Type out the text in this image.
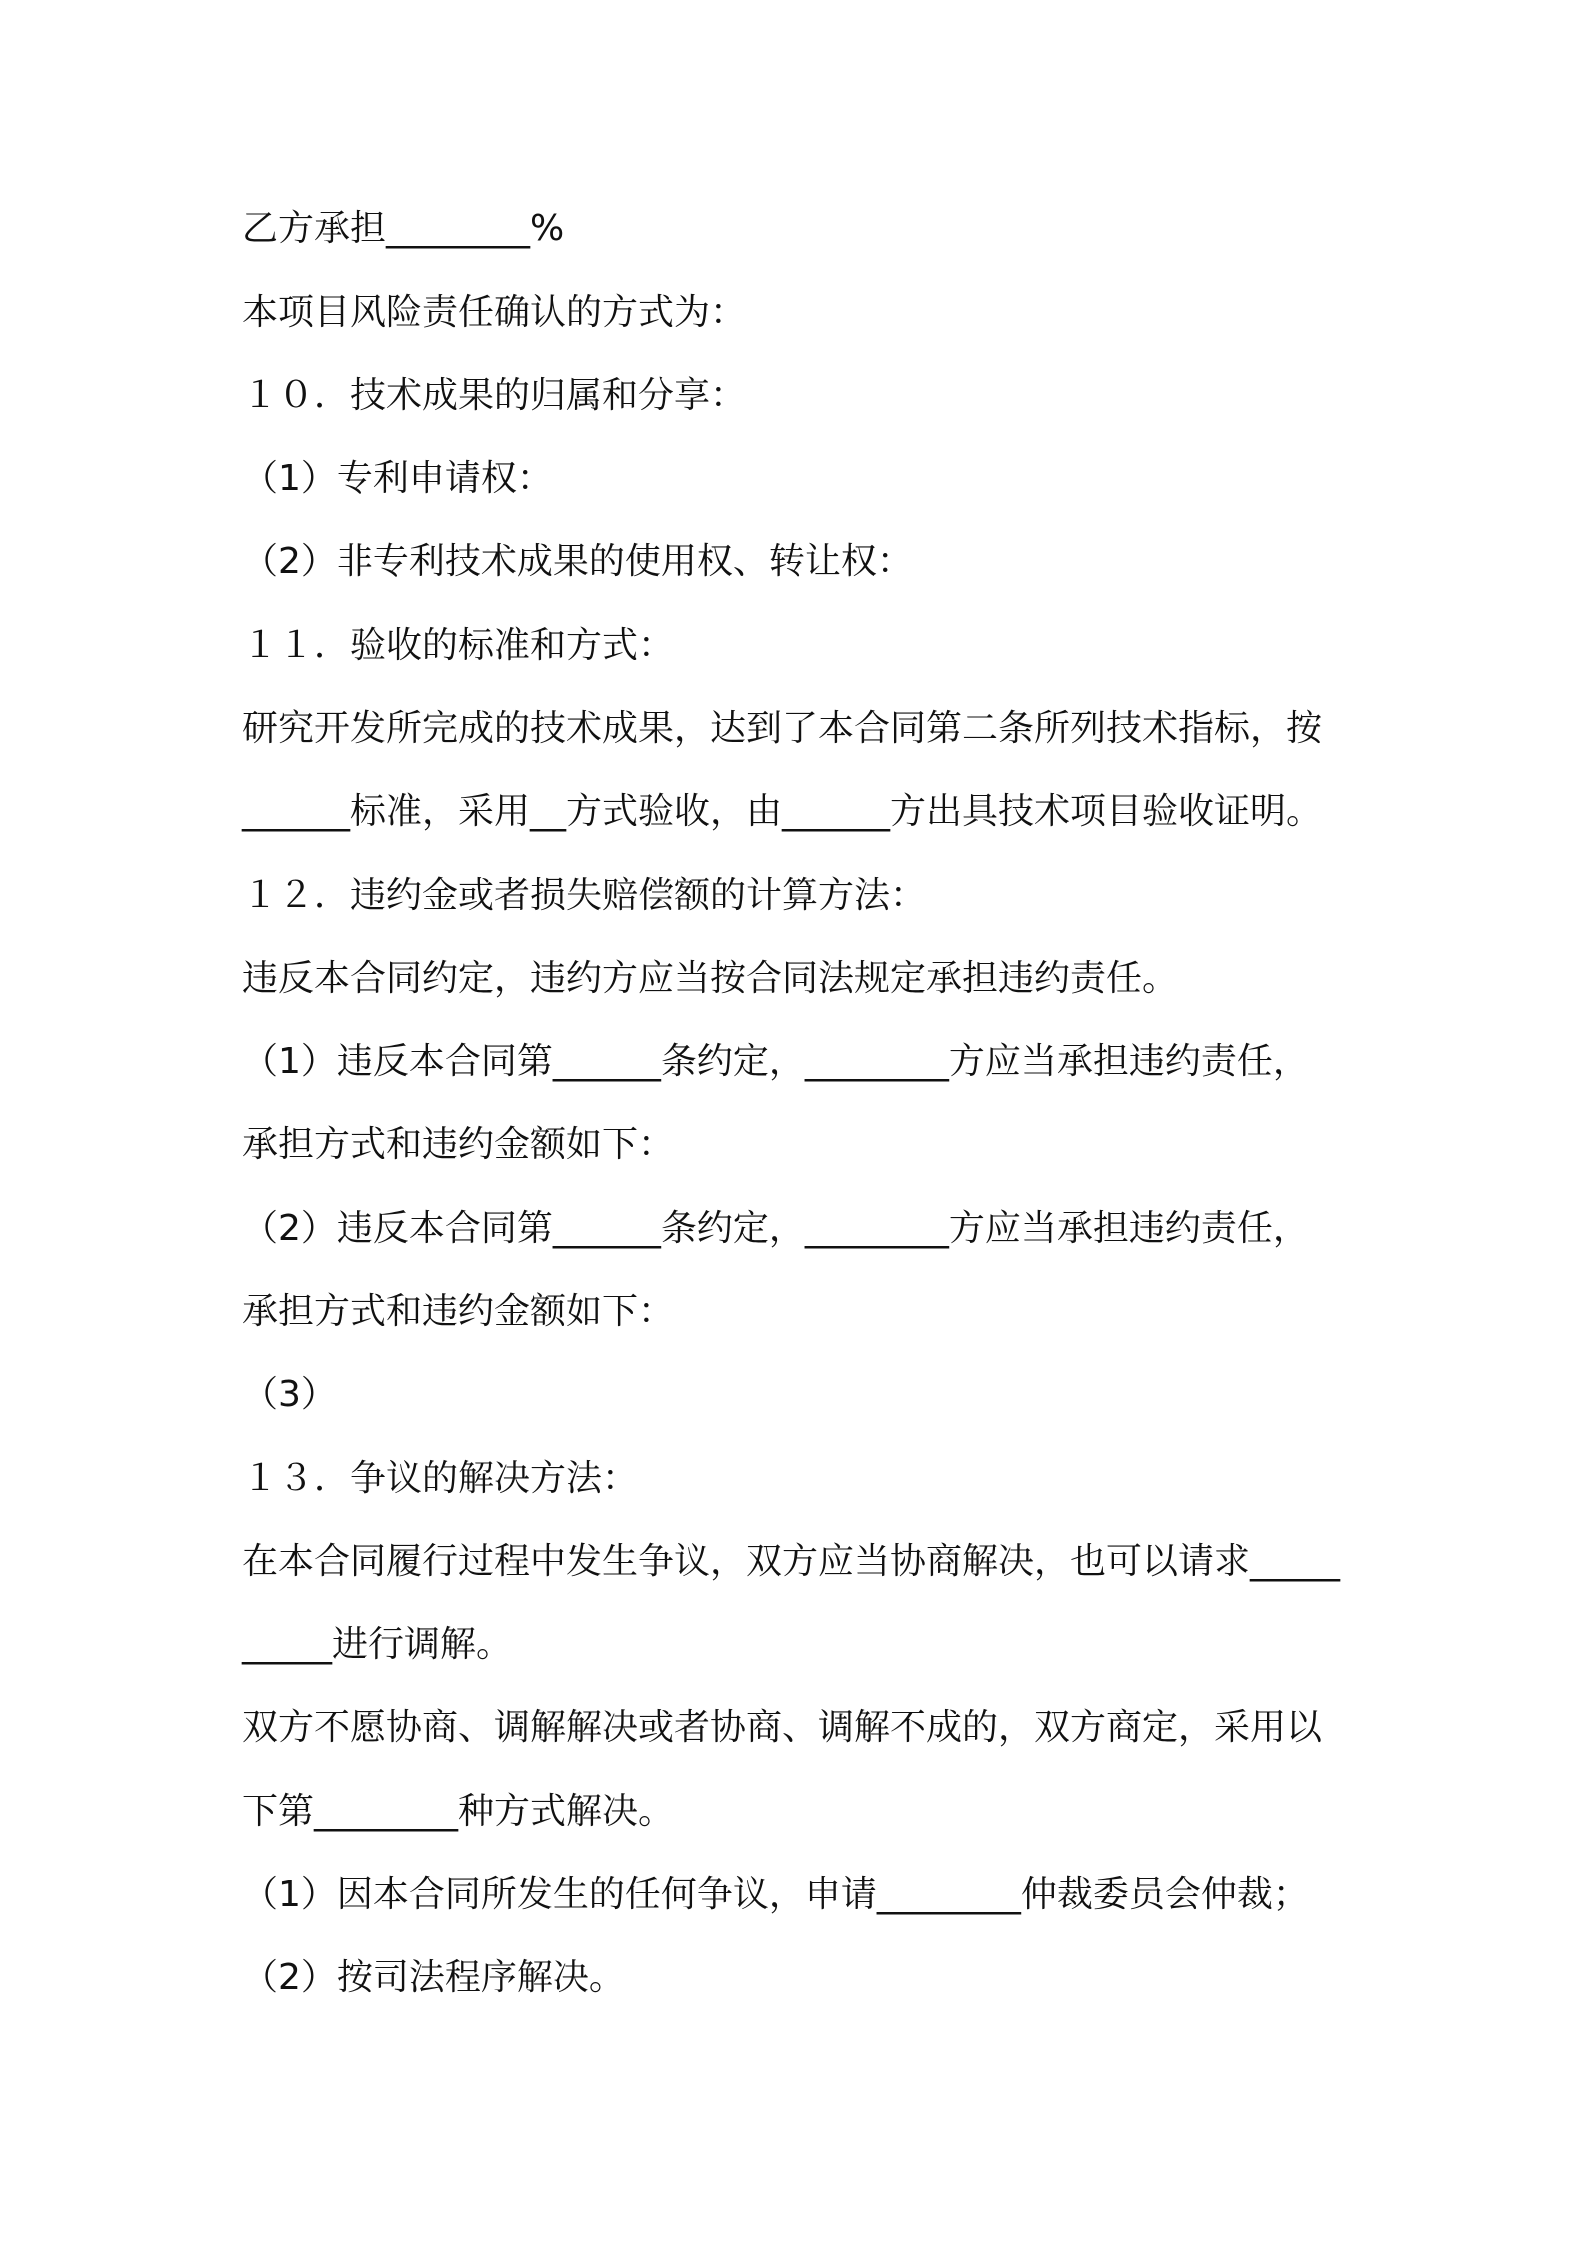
乙方承担________%
本项目风险责任确认的方式为：
１０．技术成果的归属和分享：
（1）专利申请权：
（2）非专利技术成果的使用权、转让权：
１１．验收的标准和方式：
研究开发所完成的技术成果，达到了本合同第二条所列技术指标，按
______标准，采用__方式验收，由______方出具技术项目验收证明。
１２．违约金或者损失赔偿额的计算方法：
违反本合同约定，违约方应当按合同法规定承担违约责任。
（1）违反本合同第______条约定，________方应当承担违约责任，
承担方式和违约金额如下：
（2）违反本合同第______条约定，________方应当承担违约责任，
承担方式和违约金额如下：
（3）
１３．争议的解决方法：
在本合同履行过程中发生争议，双方应当协商解决，也可以请求_____
_____进行调解。
双方不愿协商、调解解决或者协商、调解不成的，双方商定，采用以
下第________种方式解决。
（1）因本合同所发生的任何争议，申请________仲裁委员会仲裁；
（2）按司法程序解决。
